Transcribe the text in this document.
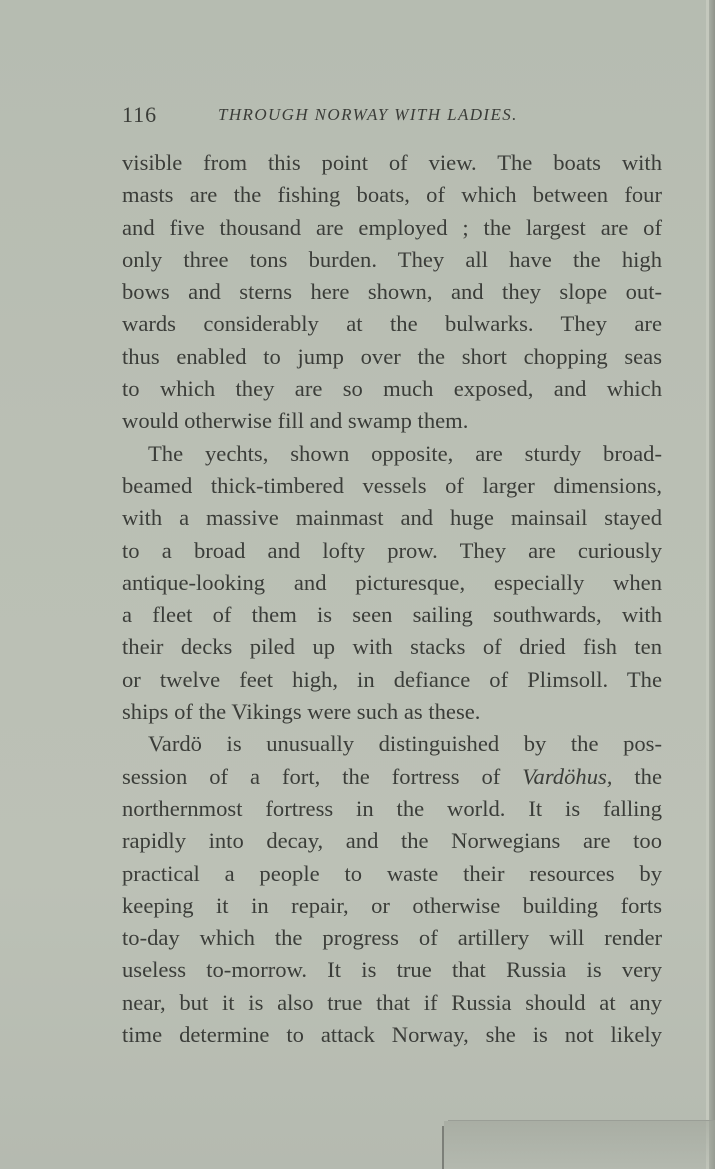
116	THROUGH NORWAY WITH LADIES.
visible from this point of view. The boats with
masts are the fishing boats, of which between four
and five thousand are employed ; the largest are of
only three tons burden. They all have the high
bows and sterns here shown, and they slope out-
wards considerably at the bulwarks. They are
thus enabled to jump over the short chopping seas
to which they are so much exposed, and which
would otherwise fill and swamp them.
The yechts, shown opposite, are sturdy broad-
beamed thick-timbered vessels of larger dimensions,
with a massive mainmast and huge mainsail stayed
to a broad and lofty prow. They are curiously
antique-looking and picturesque, especially when
a fleet of them is seen sailing southwards, with
their decks piled up with stacks of dried fish ten
or twelve feet high, in defiance of Plimsoll. The
ships of the Vikings were such as these.
Vardö is unusually distinguished by the pos-
session of a fort, the fortress of Vardöhus, the
northernmost fortress in the world. It is falling
rapidly into decay, and the Norwegians are too
practical a people to waste their resources by
keeping it in repair, or otherwise building forts
to-day which the progress of artillery will render
useless to-morrow. It is true that Russia is very
near, but it is also true that if Russia should at any
time determine to attack Norway, she is not likely
